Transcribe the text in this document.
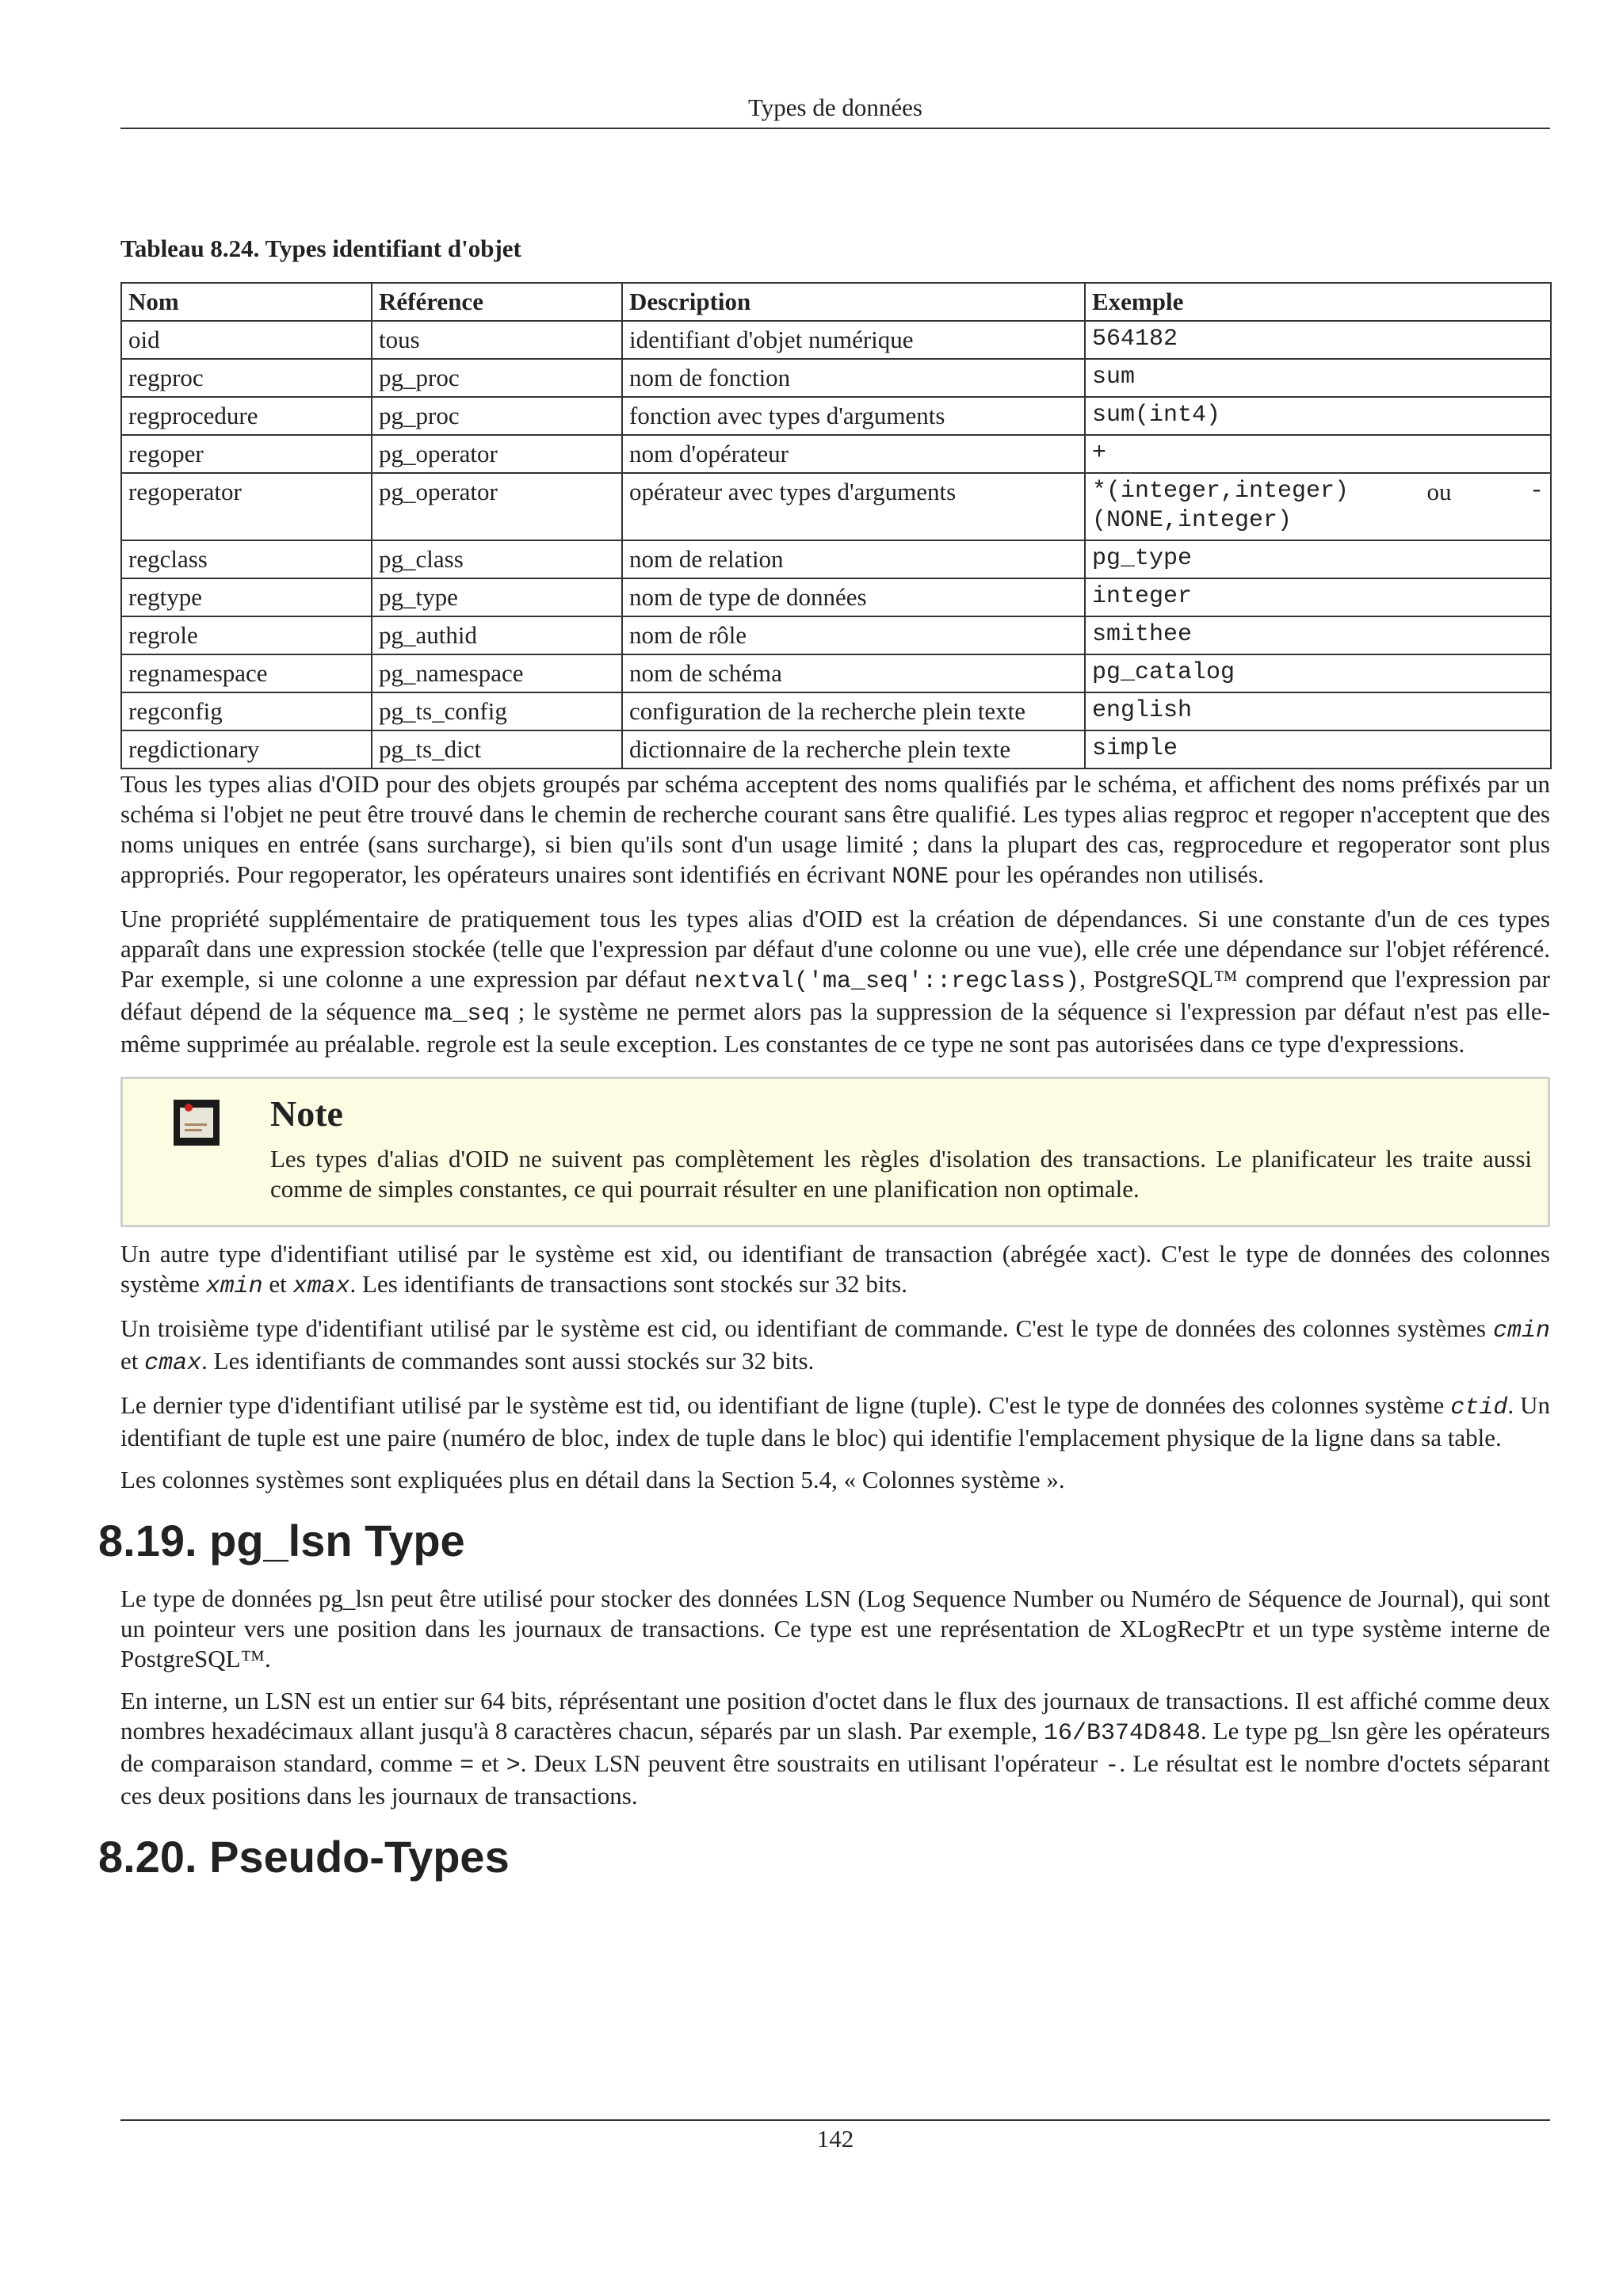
Types de données
Tableau 8.24. Types identifiant d'objet
Nom	Référence	Description	Exemple
oid	tous	identifiant d'objet numérique	564182
regproc	pg_proc	nom de fonction	sum
regprocedure	pg_proc	fonction avec types d'arguments	sum(int4)
regoper	pg_operator	nom d'opérateur	+
regoperator	pg_operator	opérateur avec types d'arguments	*(integer,integer) ou -
(NONE,integer)

regclass	pg_class	nom de relation	pg_type
regtype	pg_type	nom de type de données	integer
regrole	pg_authid	nom de rôle	smithee
regnamespace	pg_namespace	nom de schéma	pg_catalog
regconfig	pg_ts_config	configuration de la recherche plein texte	english
regdictionary	pg_ts_dict	dictionnaire de la recherche plein texte	simple

Tous les types alias d'OID pour des objets groupés par schéma acceptent des noms qualifiés par le schéma, et affichent des noms préfixés par un schéma si l'objet ne peut être trouvé dans le chemin de recherche courant sans être qualifié. Les types alias regproc et regoper n'acceptent que des noms uniques en entrée (sans surcharge), si bien qu'ils sont d'un usage limité ; dans la plupart des cas, regprocedure et regoperator sont plus appropriés. Pour regoperator, les opérateurs unaires sont identifiés en écrivant NONE pour les opérandes non utilisés.

Une propriété supplémentaire de pratiquement tous les types alias d'OID est la création de dépendances. Si une constante d'un de ces types apparaît dans une expression stockée (telle que l'expression par défaut d'une colonne ou une vue), elle crée une dépendance sur l'objet référencé. Par exemple, si une colonne a une expression par défaut nextval('ma_seq'::regclass), PostgreSQL™ comprend que l'expression par défaut dépend de la séquence ma_seq ; le système ne permet alors pas la suppression de la séquence si l'expression par défaut n'est pas elle-même supprimée au préalable. regrole est la seule exception. Les constantes de ce type ne sont pas autorisées dans ce type d'expressions.

Note

Les types d'alias d'OID ne suivent pas complètement les règles d'isolation des transactions. Le planificateur les traite aussi comme de simples constantes, ce qui pourrait résulter en une planification non optimale.

Un autre type d'identifiant utilisé par le système est xid, ou identifiant de transaction (abrégée xact). C'est le type de données des colonnes système xmin et xmax. Les identifiants de transactions sont stockés sur 32 bits.

Un troisième type d'identifiant utilisé par le système est cid, ou identifiant de commande. C'est le type de données des colonnes systèmes cmin et cmax. Les identifiants de commandes sont aussi stockés sur 32 bits.

Le dernier type d'identifiant utilisé par le système est tid, ou identifiant de ligne (tuple). C'est le type de données des colonnes système ctid. Un identifiant de tuple est une paire (numéro de bloc, index de tuple dans le bloc) qui identifie l'emplacement physique de la ligne dans sa table.

Les colonnes systèmes sont expliquées plus en détail dans la Section 5.4, « Colonnes système ».

8.19. pg_lsn Type

Le type de données pg_lsn peut être utilisé pour stocker des données LSN (Log Sequence Number ou Numéro de Séquence de Journal), qui sont un pointeur vers une position dans les journaux de transactions. Ce type est une représentation de XLogRecPtr et un type système interne de PostgreSQL™.

En interne, un LSN est un entier sur 64 bits, réprésentant une position d'octet dans le flux des journaux de transactions. Il est affiché comme deux nombres hexadécimaux allant jusqu'à 8 caractères chacun, séparés par un slash. Par exemple, 16/B374D848. Le type pg_lsn gère les opérateurs de comparaison standard, comme = et >. Deux LSN peuvent être soustraits en utilisant l'opérateur -. Le résultat est le nombre d'octets séparant ces deux positions dans les journaux de transactions.

8.20. Pseudo-Types
142
